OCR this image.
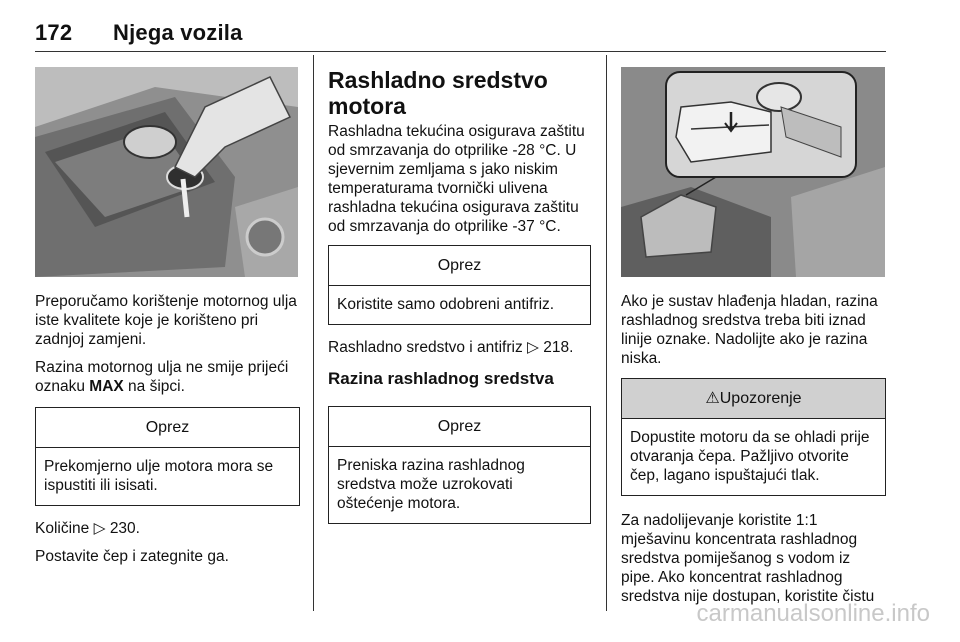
172 Njega vozila

Preporučamo korištenje motornog ulja iste kvalitete koje je korišteno pri zadnjoj zamjeni.

Razina motornog ulja ne smije prijeći oznaku MAX na šipci.

Oprez
Prekomjerno ulje motora mora se ispustiti ili isisati.

Količine ▷ 230.

Postavite čep i zategnite ga.

Rashladno sredstvo motora

Rashladna tekućina osigurava zaštitu od smrzavanja do otprilike -28 °C. U sjevernim zemljama s jako niskim temperaturama tvornički ulivena rashladna tekućina osigurava zaštitu od smrzavanja do otprilike -37 °C.

Oprez
Koristite samo odobreni antifriz.

Rashladno sredstvo i antifriz ▷ 218.

Razina rashladnog sredstva
Oprez
Preniska razina rashladnog sredstva može uzrokovati oštećenje motora.

Ako je sustav hlađenja hladan, razina rashladnog sredstva treba biti iznad linije oznake. Nadolijte ako je razina niska.

⚠Upozorenje
Dopustite motoru da se ohladi prije otvaranja čepa. Pažljivo otvorite čep, lagano ispuštajući tlak.

Za nadolijevanje koristite 1:1 mješavinu koncentrata rashladnog sredstva pomiješanog s vodom iz pipe. Ako koncentrat rashladnog sredstva nije dostupan, koristite čistu

carmanualsonline.info
